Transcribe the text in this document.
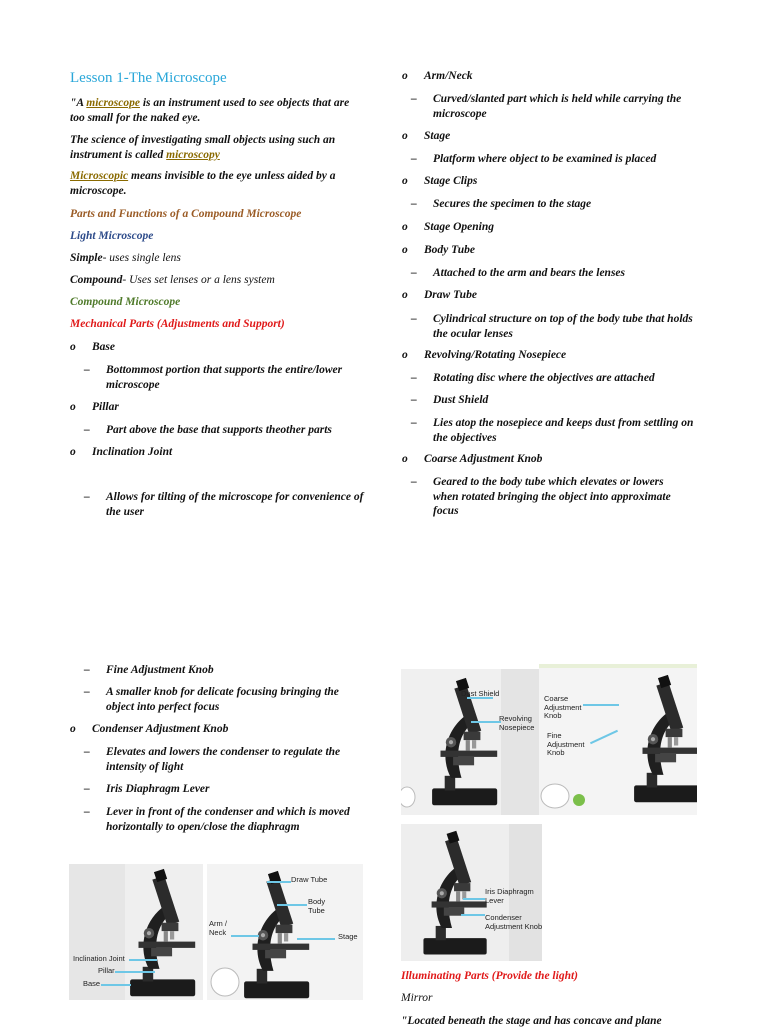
Lesson 1-The Microscope
"A microscope is an instrument used to see objects that are too small for the naked eye.
The science of investigating small objects using such an instrument is called microscopy
Microscopic means invisible to the eye unless aided by a microscope.
Parts and Functions of a Compound Microscope
Light Microscope
Simple- uses single lens
Compound- Uses set lenses or a lens system
Compound Microscope
Mechanical Parts (Adjustments and Support)
o	Base
–	Bottommost portion that supports the entire/lower microscope
o	Pillar
–	Part above the base that supports theother parts
o	Inclination Joint
–	Allows for tilting of the microscope for convenience of the user
o	Arm/Neck
–	Curved/slanted part which is held while carrying the microscope
o	Stage
–	Platform where object to be examined is placed
o	Stage Clips
–	Secures the specimen to the stage
o	Stage Opening
o	Body Tube
–	Attached to the arm and bears the lenses
o	Draw Tube
–	Cylindrical structure on top of the body tube that holds the ocular lenses
o	Revolving/Rotating Nosepiece
–	Rotating disc where the objectives are attached
–	Dust Shield
–	Lies atop the nosepiece and keeps dust from settling on the objectives
o	Coarse Adjustment Knob
–	Geared to the body tube which elevates or lowers when rotated bringing the object into approximate focus
–	Fine Adjustment Knob
–	A smaller knob for delicate focusing bringing the object into perfect focus
o	Condenser Adjustment Knob
–	Elevates and lowers the condenser to regulate the intensity of light
–	Iris Diaphragm Lever
–	Lever in front of the condenser and which is moved horizontally to open/close the diaphragm
Illuminating Parts (Provide the light)
Mirror
"Located beneath the stage and has concave and plane
Dust Shield
Revolving
Nosepiece
Coarse
Adjustment
Knob
Fine
Adjustment
Knob
Iris Diaphragm
Lever
Condenser
Adjustment Knob
Inclination Joint
Pillar
Base
Draw Tube
Body
Tube
Arm /
Neck	Stage
